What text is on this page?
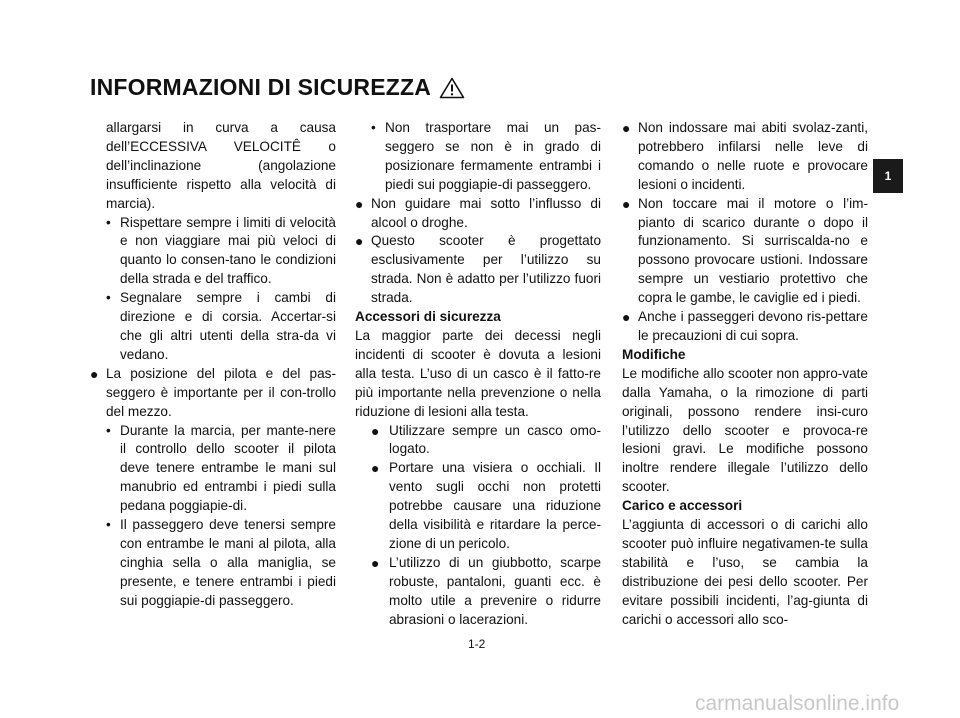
INFORMAZIONI DI SICUREZZA
allargarsi in curva a causa dell’ECCESSIVA VELOCITÊ o dell’inclinazione (angolazione insufficiente rispetto alla velocità di marcia).
• Rispettare sempre i limiti di velocità e non viaggiare mai più veloci di quanto lo consen-tano le condizioni della strada e del traffico.
• Segnalare sempre i cambi di direzione e di corsia. Accertar-si che gli altri utenti della stra-da vi vedano.
● La posizione del pilota e del pas-seggero è importante per il con-trollo del mezzo.
• Durante la marcia, per mante-nere il controllo dello scooter il pilota deve tenere entrambe le mani sul manubrio ed entrambi i piedi sulla pedana poggiapie-di.
• Il passeggero deve tenersi sempre con entrambe le mani al pilota, alla cinghia sella o alla maniglia, se presente, e tenere entrambi i piedi sui poggiapie-di passeggero.
• Non trasportare mai un pas-seggero se non è in grado di posizionare fermamente entrambi i piedi sui poggiapie-di passeggero.
● Non guidare mai sotto l’influsso di alcool o droghe.
● Questo scooter è progettato esclusivamente per l’utilizzo su strada. Non è adatto per l’utilizzo fuori strada.
Accessori di sicurezza
La maggior parte dei decessi negli incidenti di scooter è dovuta a lesioni alla testa. L’uso di un casco è il fatto-re più importante nella prevenzione o nella riduzione di lesioni alla testa.
● Utilizzare sempre un casco omo-logato.
● Portare una visiera o occhiali. Il vento sugli occhi non protetti potrebbe causare una riduzione della visibilità e ritardare la perce-zione di un pericolo.
● L’utilizzo di un giubbotto, scarpe robuste, pantaloni, guanti ecc. è molto utile a prevenire o ridurre abrasioni o lacerazioni.
● Non indossare mai abiti svolaz-zanti, potrebbero infilarsi nelle leve di comando o nelle ruote e provocare lesioni o incidenti.
● Non toccare mai il motore o l’im-pianto di scarico durante o dopo il funzionamento. Si surriscalda-no e possono provocare ustioni. Indossare sempre un vestiario protettivo che copra le gambe, le caviglie ed i piedi.
● Anche i passeggeri devono ris-pettare le precauzioni di cui sopra.
Modifiche
Le modifiche allo scooter non appro-vate dalla Yamaha, o la rimozione di parti originali, possono rendere insi-curo l’utilizzo dello scooter e provoca-re lesioni gravi. Le modifiche possono inoltre rendere illegale l’utilizzo dello scooter.
Carico e accessori
L’aggiunta di accessori o di carichi allo scooter può influire negativamen-te sulla stabilità e l’uso, se cambia la distribuzione dei pesi dello scooter. Per evitare possibili incidenti, l’ag-giunta di carichi o accessori allo sco-
1
1-2
carmanualsonline.info
